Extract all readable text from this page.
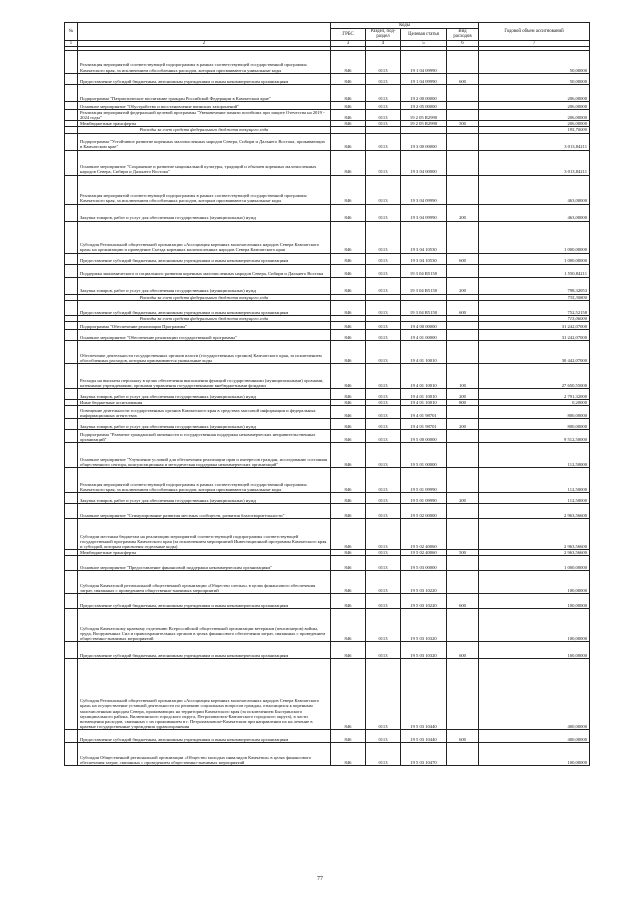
№		Коды				Годовой объем ассигнований
		ГРБС	Раздел, под-раздел	Целевая статья	Вид расходов	
1	2	3	4	5	6	7

	Реализация мероприятий соответствующей подпрограммы в рамках соответствующей государственной программы Камчатского края, за исключением обособленных расходов, которым присваиваются уникальные коды	846	0113	19 1 04 09990		50,00000
	Предоставление субсидий бюджетным, автономным учреждениям и иным некоммерческим организациям	846	0113	19 1 04 09990	600	50,00000
	Подпрограмма "Патриотическое воспитание граждан Российской Федерации в Камчатском крае"	846	0113	19 2 00 00000		206,00000
	Основное мероприятие "Обустройство и восстановление воинских захоронений"	846	0113	19 2 05 00000		206,00000
	Реализация мероприятий федеральной целевой программы "Увековечение памяти погибших при защите Отечества на 2019 - 2024 годы"	846	0113	19 2 05 R2990		206,00000
	Межбюджетные трансферты	846	0113	19 2 05 R2990	500	206,00000
	Расходы за счет средств федерального бюджета текущего года					195,70000
	Подпрограмма "Устойчивое развитие коренных малочисленных народов Севера, Сибири и Дальнего Востока, проживающих в Камчатском крае"	846	0113	19 3 00 00000		3 013,84211
	Основное мероприятие "Сохранение и развитие национальной культуры, традиций и обычаев коренных малочисленных народов Севера, Сибири и Дальнего Востока"	846	0113	19 3 04 00000		3 013,84211
	Реализация мероприятий соответствующей подпрограммы в рамках соответствующей государственной программы Камчатского края, за исключением обособленных расходов, которым присваиваются уникальные коды	846	0113	19 3 04 09990		463,00000
	Закупка товаров, работ и услуг для обеспечения государственных (муниципальных) нужд	846	0113	19 3 04 09990	200	463,00000
	Субсидия Региональной общественной организации «Ассоциация коренных малочисленных народов Севера Камчатского края» на организацию и проведение Съезда коренных малочисленных народов Севера Камчатского края	846	0113	19 3 04 10530		1 000,00000
	Предоставление субсидий бюджетным, автономным учреждениям и иным некоммерческим организациям	846	0113	19 3 04 10530	600	1 000,00000
	Поддержка экономического и социального развития коренных малочисленных народов Севера, Сибири и Дальнего Востока	846	0113	19 3 04 R5150		1 550,84211
	Закупка товаров, работ и услуг для обеспечения государственных (муниципальных) нужд	846	0113	19 3 04 R5150	200	798,32053
	Расходы за счет средств федерального бюджета текущего года					735,30800
	Предоставление субсидий бюджетным, автономным учреждениям и иным некоммерческим организациям	846	0113	19 3 04 R5150	600	752,52158
	Расходы за счет средств федерального бюджета текущего года					715,06000
	Подпрограмма "Обеспечение реализации Программы"	846	0113	19 4 00 00000		31 242,07000
	Основное мероприятие "Обеспечение реализации государственной программы"	846	0113	19 4 01 00000		31 242,07000
	Обеспечение деятельности государственных органов власти (государственных органов) Камчатского края, за исключением обособленных расходов, которым присваиваются уникальные коды	846	0113	19 4 01 10010		30 442,07000
	Расходы на выплаты персоналу в целях обеспечения выполнения функций государственными (муниципальными) органами, казенными учреждениями, органами управления государственными внебюджетными фондами	846	0113	19 4 01 10010	100	27 650,55000
	Закупка товаров, работ и услуг для обеспечения государственных (муниципальных) нужд	846	0113	19 4 01 10010	200	2 791,32000
	Иные бюджетные ассигнования	846	0113	19 4 01 10010	800	0,20000
	Освещение деятельности государственных органов Камчатского края в средствах массовой информации и федеральных информационных агентствах	846	0113	19 4 01 98701		800,00000
	Закупка товаров, работ и услуг для обеспечения государственных (муниципальных) нужд	846	0113	19 4 01 98701	200	800,00000
	Подпрограмма "Развитие гражданской активности и государственная поддержка некоммерческих неправительственных организаций"	846	0113	19 5 00 00000		9 512,50000
	Основное мероприятие "Улучшение условий для обеспечения реализации прав и интересов граждан, исследование состояния общественного сектора, консультационная и методическая поддержка некоммерческих организаций"	846	0113	19 5 01 00000		112,50000
	Реализация мероприятий соответствующей подпрограммы в рамках соответствующей государственной программы Камчатского края, за исключением обособленных расходов, которым присваиваются уникальные коды	846	0113	19 5 01 09990		112,50000
	Закупка товаров, работ и услуг для обеспечения государственных (муниципальных) нужд	846	0113	19 5 01 09990	200	112,50000
	Основное мероприятие "Стимулирование развития местных сообществ, развития благотворительности"	846	0113	19 5 02 00000		2 963,56600
	Субсидии местным бюджетам на реализацию мероприятий соответствующей подпрограммы соответствующей государственной программы Камчатского края (за исключением мероприятий Инвестиционной программы Камчатского края и субсидий, которым присвоены отдельные коды)	846	0113	19 5 02 40060		2 963,56600
	Межбюджетные трансферты	846	0113	19 5 02 40060	500	2 963,56600
	Основное мероприятие "Предоставление финансовой поддержки некоммерческим организациям"	846	0113	19 5 03 00000		1 000,00000
	Субсидия Камчатской региональной общественной организации «Общество слепых» в целях финансового обеспечения затрат, связанных с проведением общественно-значимых мероприятий	846	0113	19 5 03 10220		100,00000
	Предоставление субсидий бюджетным, автономным учреждениям и иным некоммерческим организациям	846	0113	19 5 03 10220	600	100,00000
	Субсидия Камчатскому краевому отделению Всероссийской общественной организации ветеранов (пенсионеров) войны, труда, Вооруженных Сил и правоохранительных органов в целях финансового обеспечения затрат, связанных с проведением общественно-значимых мероприятий	846	0113	19 5 03 10320		100,00000
	Предоставление субсидий бюджетным, автономным учреждениям и иным некоммерческим организациям	846	0113	19 5 03 10320	600	100,00000
	Субсидия Региональной общественной организации «Ассоциация коренных малочисленных народов Севера Камчатского края» на осуществление уставной деятельности по решению социальных вопросов граждан, относящихся к коренным малочисленным народам Севера, проживающих на территории Камчатского края (за исключением Быстринского муниципального района, Вилючинского городского округа, Петропавловск-Камчатского городского округа), в части возмещения расходов, связанных с их проживанием в г. Петропавловске-Камчатском при направлении их на лечение в краевые государственные учреждения здравоохранения	846	0113	19 5 03 10440		400,00000
	Предоставление субсидий бюджетным, автономным учреждениям и иным некоммерческим организациям	846	0113	19 5 03 10440	600	400,00000
	Субсидия Общественной региональной организации «Общество молодых инвалидов Камчатки» в целях финансового обеспечения затрат, связанных с проведением общественно-значимых мероприятий	846	0113	19 5 03 10470		100,00000
77
